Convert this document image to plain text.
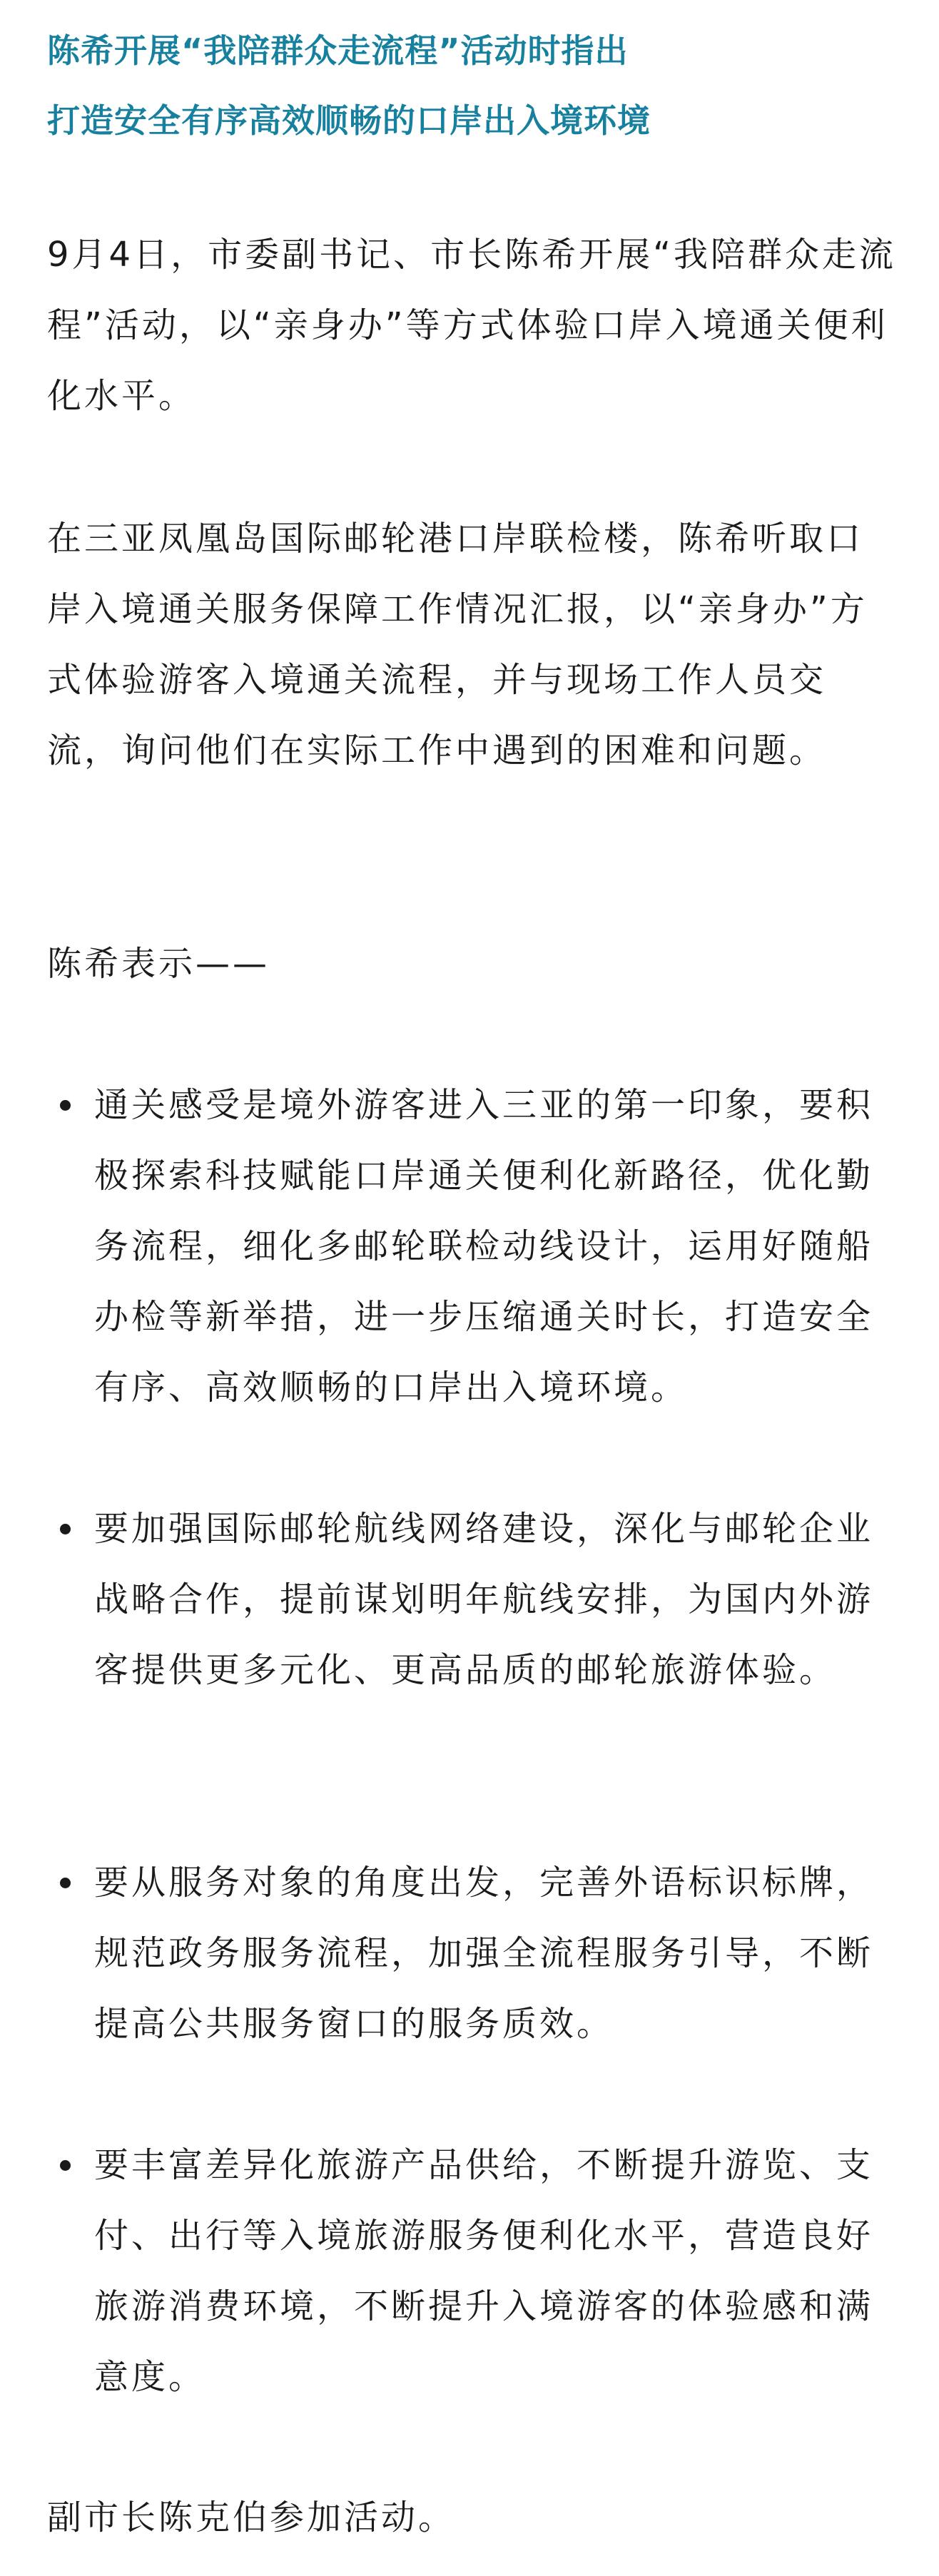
陈希开展“我陪群众走流程”活动时指出
打造安全有序高效顺畅的口岸出入境环境

9月4日，市委副书记、市长陈希开展“我陪群众走流程”活动，以“亲身办”等方式体验口岸入境通关便利化水平。

在三亚凤凰岛国际邮轮港口岸联检楼，陈希听取口岸入境通关服务保障工作情况汇报，以“亲身办”方式体验游客入境通关流程，并与现场工作人员交流，询问他们在实际工作中遇到的困难和问题。

陈希表示——

通关感受是境外游客进入三亚的第一印象，要积极探索科技赋能口岸通关便利化新路径，优化勤务流程，细化多邮轮联检动线设计，运用好随船办检等新举措，进一步压缩通关时长，打造安全有序、高效顺畅的口岸出入境环境。
要加强国际邮轮航线网络建设，深化与邮轮企业战略合作，提前谋划明年航线安排，为国内外游客提供更多元化、更高品质的邮轮旅游体验。
要从服务对象的角度出发，完善外语标识标牌，规范政务服务流程，加强全流程服务引导，不断提高公共服务窗口的服务质效。
要丰富差异化旅游产品供给，不断提升游览、支付、出行等入境旅游服务便利化水平，营造良好旅游消费环境，不断提升入境游客的体验感和满意度。

副市长陈克伯参加活动。
